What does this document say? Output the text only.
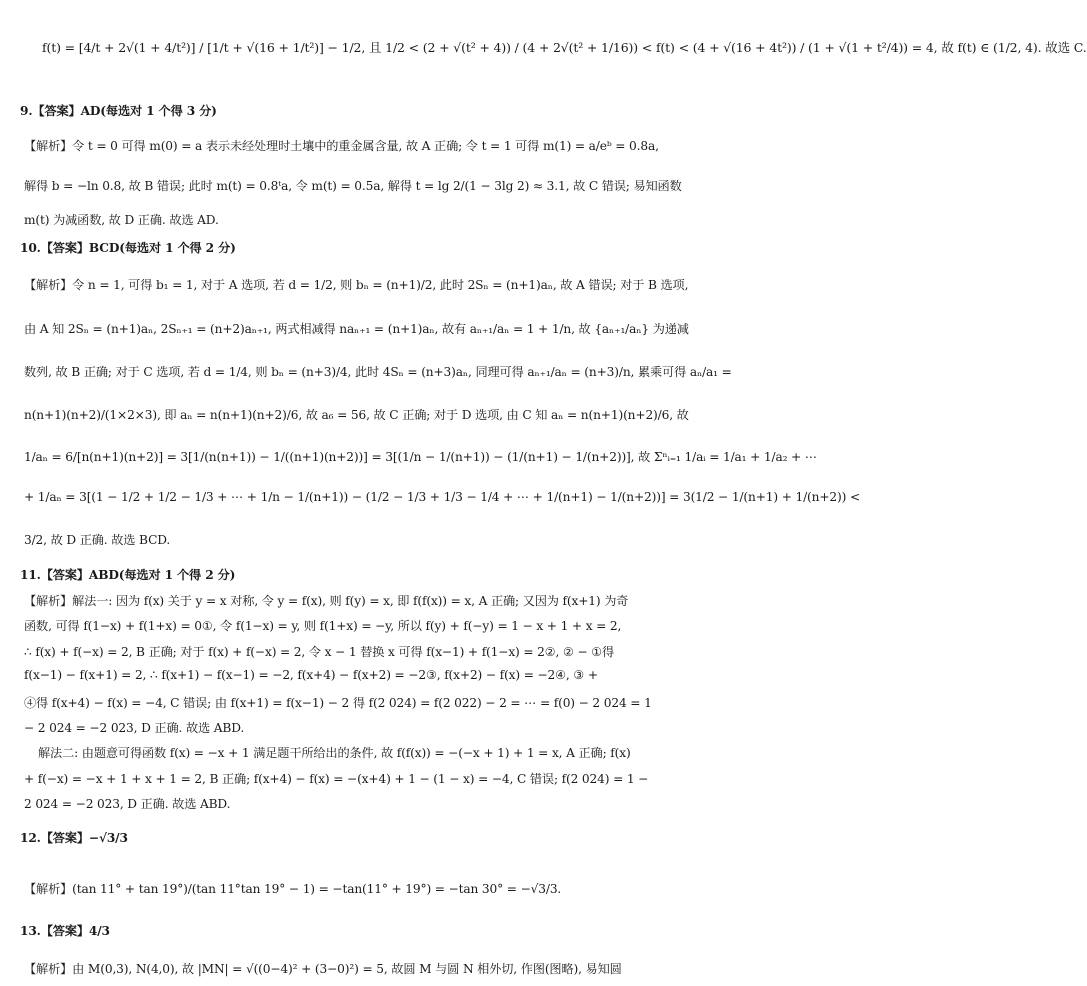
f(t) = [4/t + 2√(1 + 4/t²)] / [1/t + √(16 + 1/t²)] − 1/2, 且 1/2 < (2 + √(t² + 4)) / (4 + 2√(t² + 1/16)) < f(t) < (4 + √(16 + 4t²)) / (1 + √(1 + t²/4)) = 4, 故 f(t) ∈ (1/2, 4). 故选 C.
9.【答案】AD(每选对 1 个得 3 分)
【解析】令 t = 0 可得 m(0) = a 表示未经处理时土壤中的重金属含量, 故 A 正确; 令 t = 1 可得 m(1) = a/eᵇ = 0.8a,
解得 b = −ln 0.8, 故 B 错误; 此时 m(t) = 0.8ᵗa, 令 m(t) = 0.5a, 解得 t = lg 2/(1 − 3lg 2) ≈ 3.1, 故 C 错误; 易知函数
m(t) 为减函数, 故 D 正确. 故选 AD.
10.【答案】BCD(每选对 1 个得 2 分)
【解析】令 n = 1, 可得 b₁ = 1, 对于 A 选项, 若 d = 1/2, 则 bₙ = (n+1)/2, 此时 2Sₙ = (n+1)aₙ, 故 A 错误; 对于 B 选项,
由 A 知 2Sₙ = (n+1)aₙ, 2Sₙ₊₁ = (n+2)aₙ₊₁, 两式相减得 naₙ₊₁ = (n+1)aₙ, 故有 aₙ₊₁/aₙ = 1 + 1/n, 故 {aₙ₊₁/aₙ} 为递减
数列, 故 B 正确; 对于 C 选项, 若 d = 1/4, 则 bₙ = (n+3)/4, 此时 4Sₙ = (n+3)aₙ, 同理可得 aₙ₊₁/aₙ = (n+3)/n, 累乘可得 aₙ/a₁ =
n(n+1)(n+2)/(1×2×3), 即 aₙ = n(n+1)(n+2)/6, 故 a₆ = 56, 故 C 正确; 对于 D 选项, 由 C 知 aₙ = n(n+1)(n+2)/6, 故
1/aₙ = 6/[n(n+1)(n+2)] = 3[1/(n(n+1)) − 1/((n+1)(n+2))] = 3[(1/n − 1/(n+1)) − (1/(n+1) − 1/(n+2))], 故 Σⁿᵢ₌₁ 1/aᵢ = 1/a₁ + 1/a₂ + ⋯
+ 1/aₙ = 3[(1 − 1/2 + 1/2 − 1/3 + ⋯ + 1/n − 1/(n+1)) − (1/2 − 1/3 + 1/3 − 1/4 + ⋯ + 1/(n+1) − 1/(n+2))] = 3(1/2 − 1/(n+1) + 1/(n+2)) <
3/2, 故 D 正确. 故选 BCD.
11.【答案】ABD(每选对 1 个得 2 分)
【解析】解法一: 因为 f(x) 关于 y = x 对称, 令 y = f(x), 则 f(y) = x, 即 f(f(x)) = x, A 正确; 又因为 f(x+1) 为奇
函数, 可得 f(1−x) + f(1+x) = 0①, 令 f(1−x) = y, 则 f(1+x) = −y, 所以 f(y) + f(−y) = 1 − x + 1 + x = 2,
∴ f(x) + f(−x) = 2, B 正确; 对于 f(x) + f(−x) = 2, 令 x − 1 替换 x 可得 f(x−1) + f(1−x) = 2②, ② − ①得
f(x−1) − f(x+1) = 2, ∴ f(x+1) − f(x−1) = −2, f(x+4) − f(x+2) = −2③, f(x+2) − f(x) = −2④, ③ +
④得 f(x+4) − f(x) = −4, C 错误; 由 f(x+1) = f(x−1) − 2 得 f(2 024) = f(2 022) − 2 = ⋯ = f(0) − 2 024 = 1
− 2 024 = −2 023, D 正确. 故选 ABD.
解法二: 由题意可得函数 f(x) = −x + 1 满足题干所给出的条件, 故 f(f(x)) = −(−x + 1) + 1 = x, A 正确; f(x)
+ f(−x) = −x + 1 + x + 1 = 2, B 正确; f(x+4) − f(x) = −(x+4) + 1 − (1 − x) = −4, C 错误; f(2 024) = 1 −
2 024 = −2 023, D 正确. 故选 ABD.
12.【答案】−√3/3
【解析】(tan 11° + tan 19°)/(tan 11°tan 19° − 1) = −tan(11° + 19°) = −tan 30° = −√3/3.
13.【答案】4/3
【解析】由 M(0,3), N(4,0), 故 |MN| = √((0−4)² + (3−0)²) = 5, 故圆 M 与圆 N 相外切, 作图(图略), 易知圆
